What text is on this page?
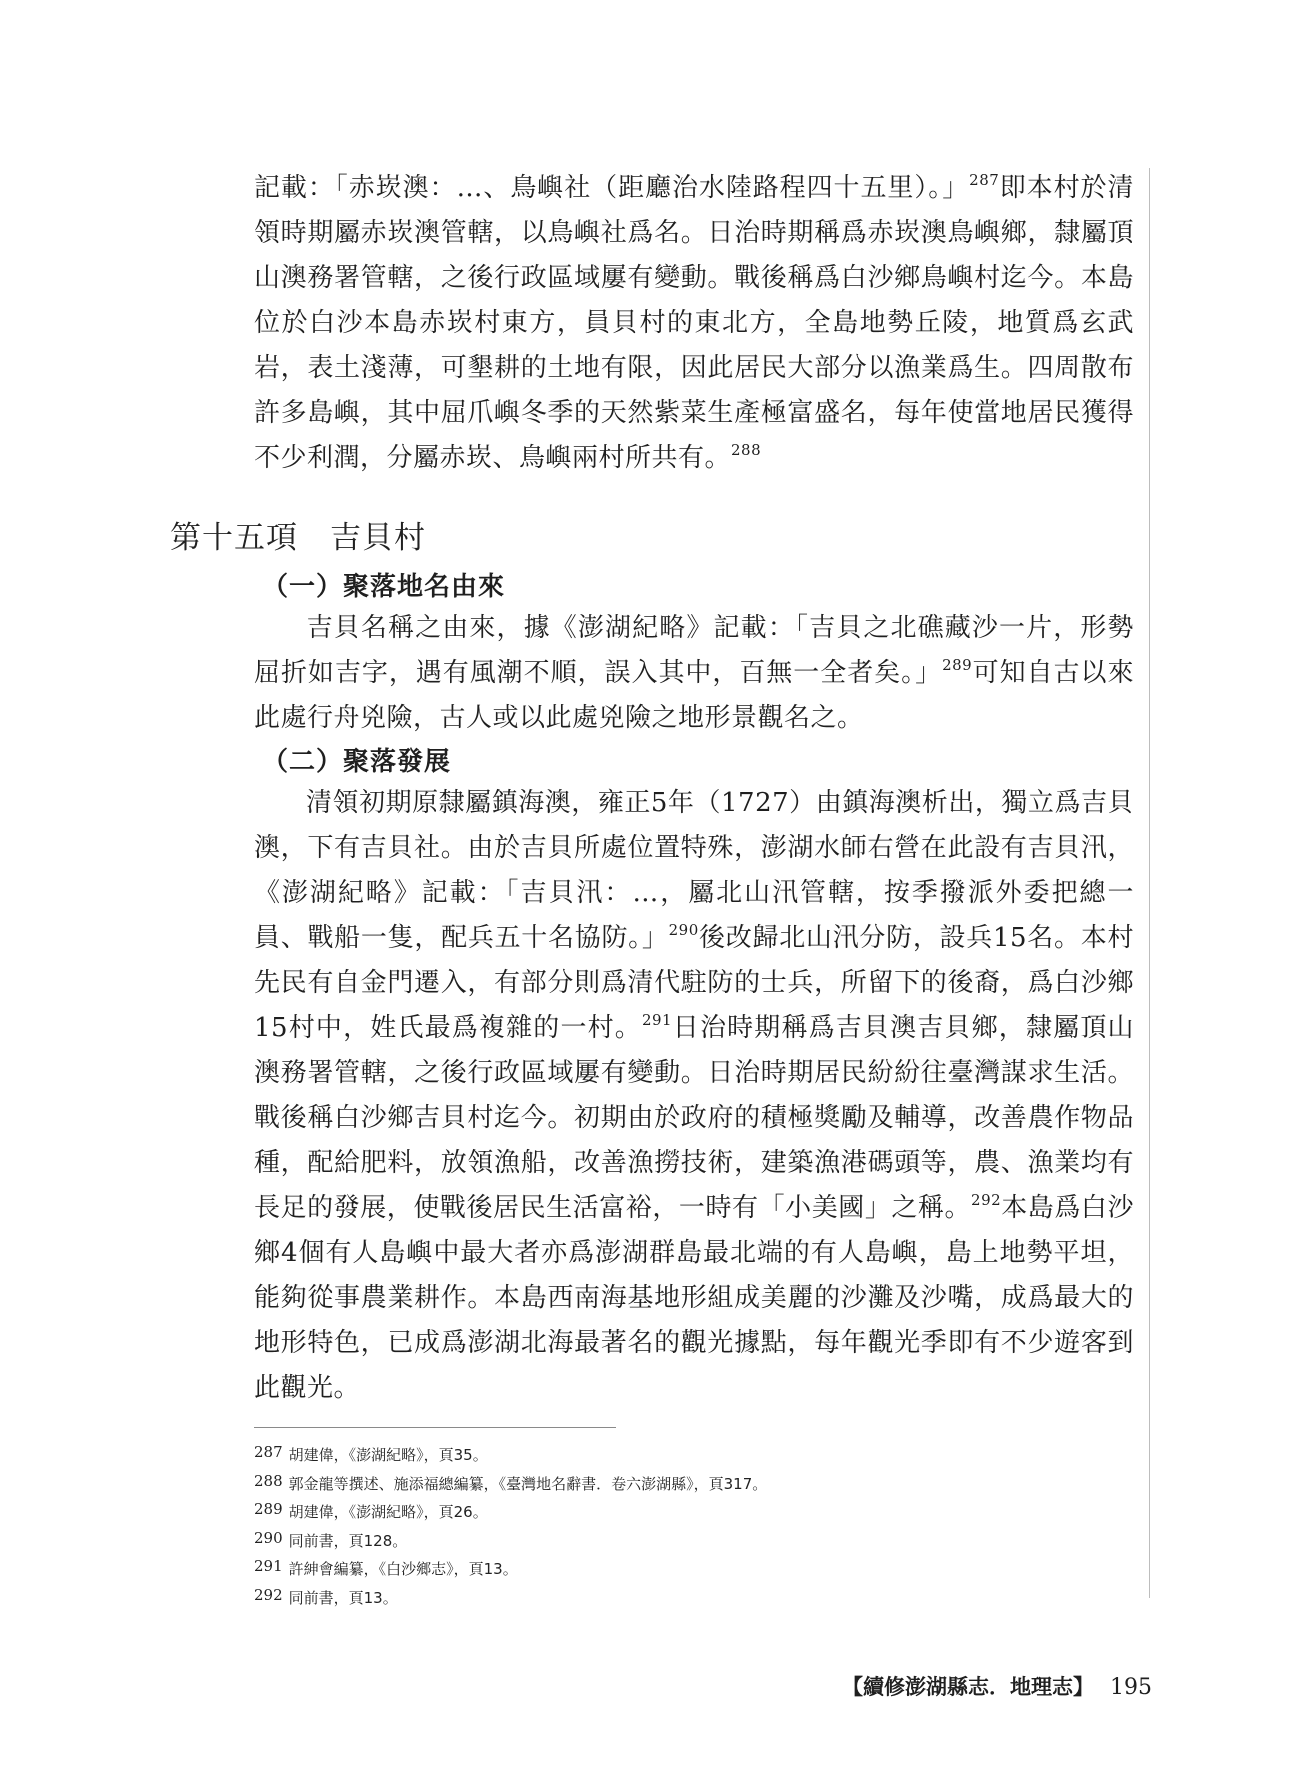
記載：「赤崁澳：…、鳥嶼社（距廳治水陸路程四十五里）。」$^{287}$即本村於清領時期屬赤崁澳管轄，以鳥嶼社爲名。日治時期稱爲赤崁澳鳥嶼鄉，隸屬頂山澳務署管轄，之後行政區域屢有變動。戰後稱爲白沙鄉鳥嶼村迄今。本島位於白沙本島赤崁村東方，員貝村的東北方，全島地勢丘陵，地質爲玄武岩，表土淺薄，可墾耕的土地有限，因此居民大部分以漁業爲生。四周散布許多島嶼，其中屈爪嶼冬季的天然紫菜生產極富盛名，每年使當地居民獲得不少利潤，分屬赤崁、鳥嶼兩村所共有。$^{288}$

第十五項　吉貝村
（一）聚落地名由來

吉貝名稱之由來，據《澎湖紀略》記載：「吉貝之北礁藏沙一片，形勢屈折如吉字，遇有風潮不順，誤入其中，百無一全者矣。」$^{289}$可知自古以來此處行舟兇險，古人或以此處兇險之地形景觀名之。

（二）聚落發展

清領初期原隸屬鎮海澳，雍正5年（1727）由鎮海澳析出，獨立爲吉貝澳，下有吉貝社。由於吉貝所處位置特殊，澎湖水師右營在此設有吉貝汛，《澎湖紀略》記載：「吉貝汛：…，屬北山汛管轄，按季撥派外委把總一員、戰船一隻，配兵五十名協防。」$^{290}$後改歸北山汛分防，設兵15名。本村先民有自金門遷入，有部分則爲清代駐防的士兵，所留下的後裔，爲白沙鄉15村中，姓氏最爲複雜的一村。$^{291}$日治時期稱爲吉貝澳吉貝鄉，隸屬頂山澳務署管轄，之後行政區域屢有變動。日治時期居民紛紛往臺灣謀求生活。戰後稱白沙鄉吉貝村迄今。初期由於政府的積極獎勵及輔導，改善農作物品種，配給肥料，放領漁船，改善漁撈技術，建築漁港碼頭等，農、漁業均有長足的發展，使戰後居民生活富裕，一時有「小美國」之稱。$^{292}$本島爲白沙鄉4個有人島嶼中最大者亦爲澎湖群島最北端的有人島嶼，島上地勢平坦，能夠從事農業耕作。本島西南海基地形組成美麗的沙灘及沙嘴，成爲最大的地形特色，已成爲澎湖北海最著名的觀光據點，每年觀光季即有不少遊客到此觀光。

287 胡建偉，《澎湖紀略》，頁35。
288 郭金龍等撰述、施添福總編纂，《臺灣地名辭書．卷六澎湖縣》，頁317。
289 胡建偉，《澎湖紀略》，頁26。
290 同前書，頁128。
291 許紳會編纂，《白沙鄉志》，頁13。
292 同前書，頁13。
【續修澎湖縣志．地理志】 195
